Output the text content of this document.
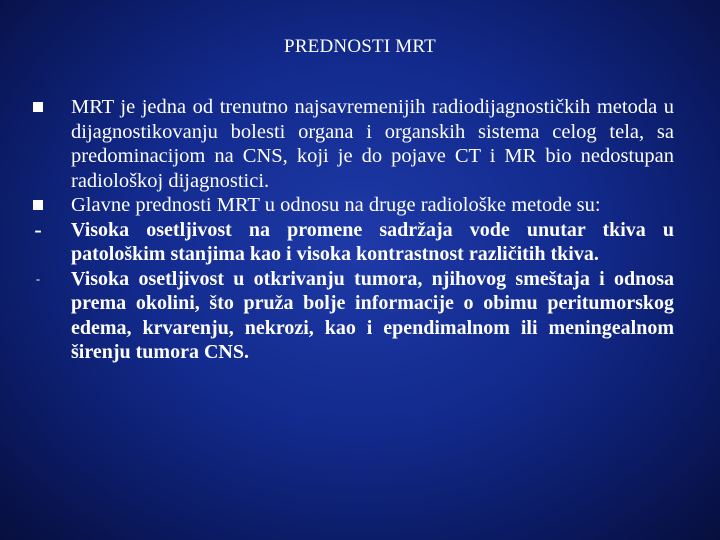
PREDNOSTI MRT
MRT je jedna od trenutno najsavremenijih radiodijagnostičkih metoda u dijagnostikovanju bolesti organa i organskih sistema celog tela, sa predominacijom na CNS, koji je do pojave CT i MR bio nedostupan radiološkoj dijagnostici.
Glavne prednosti MRT u odnosu na druge radiološke metode su:
- Visoka osetljivost na promene sadržaja vode unutar tkiva u patološkim stanjima kao i visoka kontrastnost različitih tkiva.
- Visoka osetljivost u otkrivanju tumora, njihovog smeštaja i odnosa prema okolini, što pruža bolje informacije o obimu peritumorskog edema, krvarenju, nekrozi, kao i ependimalnom ili meningealnom širenju tumora CNS.
